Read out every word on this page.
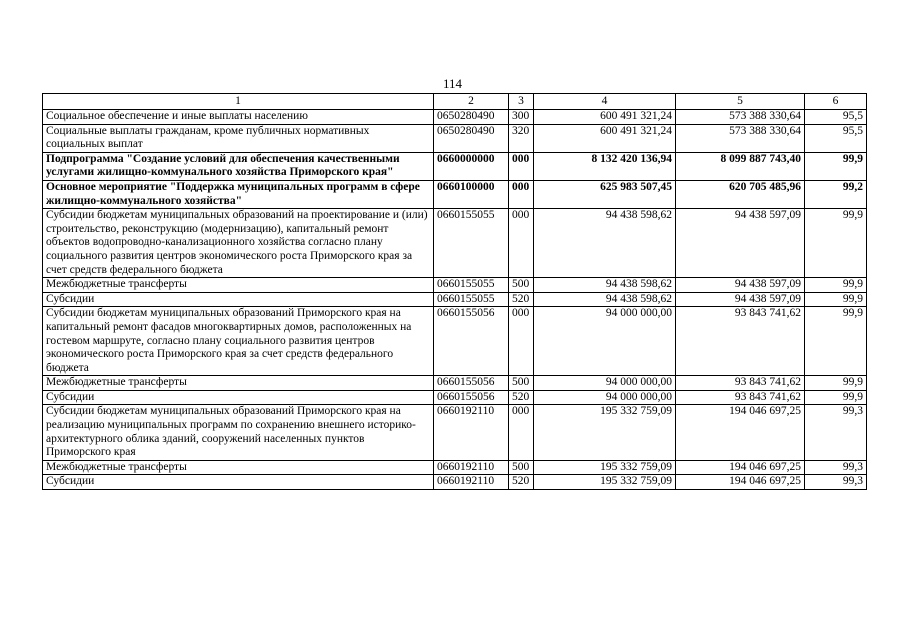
114
1	2	3	4	5	6
Социальное обеспечение и иные выплаты населению	0650280490	300	600 491 321,24	573 388 330,64	95,5
Социальные выплаты гражданам, кроме публичных нормативных социальных выплат	0650280490	320	600 491 321,24	573 388 330,64	95,5
Подпрограмма "Создание условий для обеспечения качественными услугами жилищно-коммунального хозяйства Приморского края"	0660000000	000	8 132 420 136,94	8 099 887 743,40	99,9
Основное мероприятие "Поддержка муниципальных программ в сфере жилищно-коммунального хозяйства"	0660100000	000	625 983 507,45	620 705 485,96	99,2
Субсидии бюджетам муниципальных образований на проектирование и (или) строительство, реконструкцию (модернизацию), капитальный ремонт объектов водопроводно-канализационного хозяйства согласно плану социального развития центров экономического роста Приморского края за счет средств федерального бюджета	0660155055	000	94 438 598,62	94 438 597,09	99,9
Межбюджетные трансферты	0660155055	500	94 438 598,62	94 438 597,09	99,9
Субсидии	0660155055	520	94 438 598,62	94 438 597,09	99,9
Субсидии бюджетам муниципальных образований Приморского края на капитальный ремонт фасадов многоквартирных домов, расположенных на гостевом маршруте, согласно плану социального развития центров экономического роста Приморского края за счет средств федерального бюджета	0660155056	000	94 000 000,00	93 843 741,62	99,9
Межбюджетные трансферты	0660155056	500	94 000 000,00	93 843 741,62	99,9
Субсидии	0660155056	520	94 000 000,00	93 843 741,62	99,9
Субсидии бюджетам муниципальных образований Приморского края на реализацию муниципальных программ по сохранению внешнего историко-архитектурного облика зданий, сооружений населенных пунктов Приморского края	0660192110	000	195 332 759,09	194 046 697,25	99,3
Межбюджетные трансферты	0660192110	500	195 332 759,09	194 046 697,25	99,3
Субсидии	0660192110	520	195 332 759,09	194 046 697,25	99,3
